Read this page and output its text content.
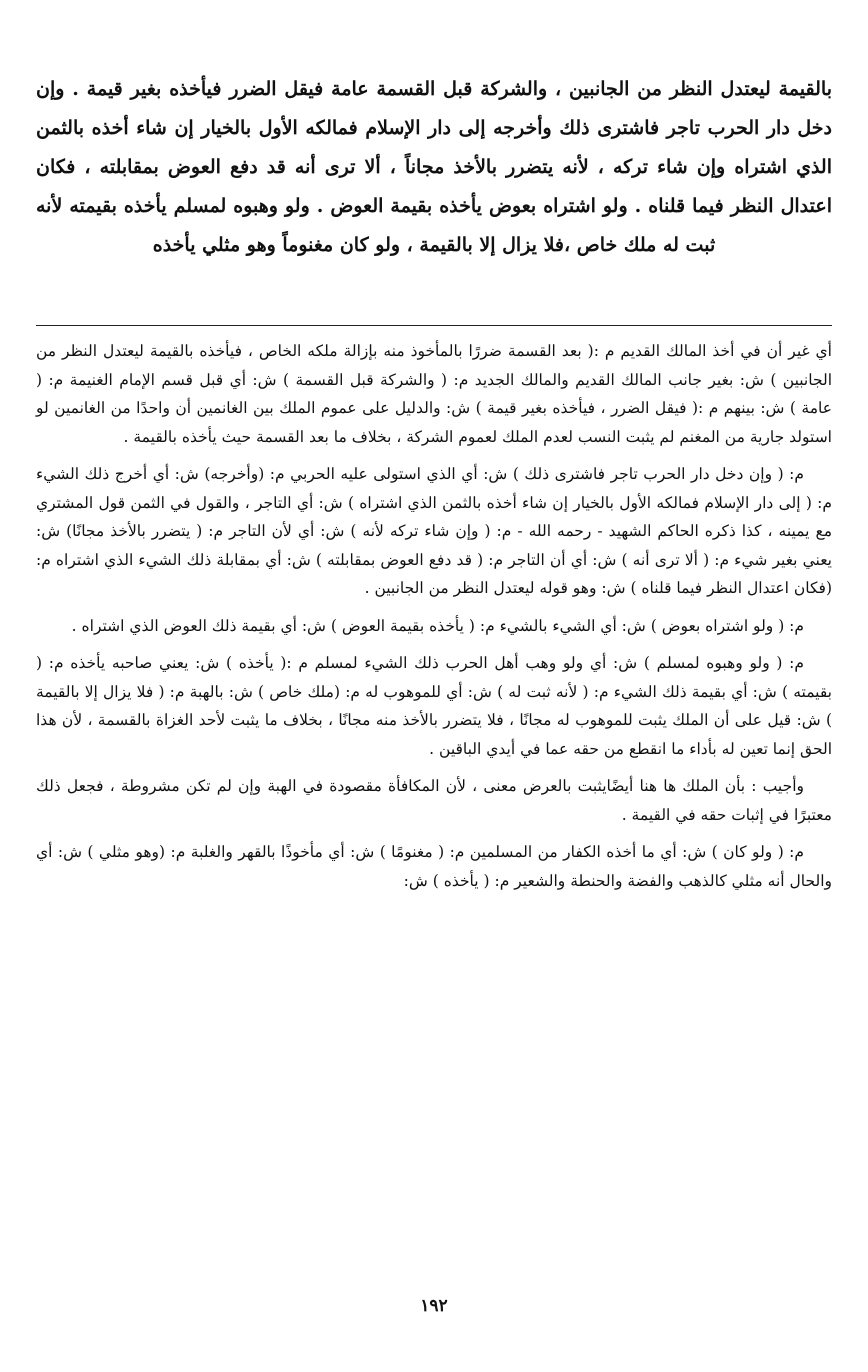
بالقيمة ليعتدل النظر من الجانبين ، والشركة قبل القسمة عامة فيقل الضرر فيأخذه بغير قيمة . وإن دخل دار الحرب تاجر فاشترى ذلك وأخرجه إلى دار الإسلام فمالكه الأول بالخيار إن شاء أخذه بالثمن الذي اشتراه وإن شاء تركه ، لأنه يتضرر بالأخذ مجاناً ، ألا ترى أنه قد دفع العوض بمقابلته ، فكان اعتدال النظر فيما قلناه . ولو اشتراه بعوض يأخذه بقيمة العوض . ولو وهبوه لمسلم يأخذه بقيمته لأنه ثبت له ملك خاص ،فلا يزال إلا بالقيمة ، ولو كان مغنوماً وهو مثلي يأخذه

أي غير أن في أخذ المالك القديم م :( بعد القسمة ضررًا بالمأخوذ منه بإزالة ملكه الخاص ، فيأخذه بالقيمة ليعتدل النظر من الجانبين ) ش: بغير جانب المالك القديم والمالك الجديد م: ( والشركة قبل القسمة ) ش: أي قبل قسم الإمام الغنيمة م: ( عامة ) ش: بينهم م :( فيقل الضرر ، فيأخذه بغير قيمة ) ش: والدليل على عموم الملك بين الغانمين أن واحدًا من الغانمين لو استولد جارية من المغنم لم يثبت النسب لعدم الملك لعموم الشركة ، بخلاف ما بعد القسمة حيث يأخذه بالقيمة .

م: ( وإن دخل دار الحرب تاجر فاشترى ذلك ) ش: أي الذي استولى عليه الحربي م: (وأخرجه) ش: أي أخرج ذلك الشيء م: ( إلى دار الإسلام فمالكه الأول بالخيار إن شاء أخذه بالثمن الذي اشتراه ) ش: أي التاجر ، والقول في الثمن قول المشتري مع يمينه ، كذا ذكره الحاكم الشهيد - رحمه الله - م: ( وإن شاء تركه لأنه ) ش: أي لأن التاجر م: ( يتضرر بالأخذ مجانًا) ش: يعني بغير شيء م: ( ألا ترى أنه ) ش: أي أن التاجر م: ( قد دفع العوض بمقابلته ) ش: أي بمقابلة ذلك الشيء الذي اشتراه م: (فكان اعتدال النظر فيما قلناه ) ش: وهو قوله ليعتدل النظر من الجانبين .

م: ( ولو اشتراه بعوض ) ش: أي الشيء بالشيء م: ( يأخذه بقيمة العوض ) ش: أي بقيمة ذلك العوض الذي اشتراه .

م: ( ولو وهبوه لمسلم ) ش: أي ولو وهب أهل الحرب ذلك الشيء لمسلم م :( يأخذه ) ش: يعني صاحبه يأخذه م: ( بقيمته ) ش: أي بقيمة ذلك الشيء م: ( لأنه ثبت له ) ش: أي للموهوب له م: (ملك خاص ) ش: بالهبة م: ( فلا يزال إلا بالقيمة ) ش: قيل على أن الملك يثبت للموهوب له مجانًا ، فلا يتضرر بالأخذ منه مجانًا ، بخلاف ما يثبت لأحد الغزاة بالقسمة ، لأن هذا الحق إنما تعين له بأداء ما انقطع من حقه عما في أيدي الباقين .

وأجيب : بأن الملك ها هنا أيضًايثبت بالعرض معنى ، لأن المكافأة مقصودة في الهبة وإن لم تكن مشروطة ، فجعل ذلك معتبرًا في إثبات حقه في القيمة .

م: ( ولو كان ) ش: أي ما أخذه الكفار من المسلمين م: ( مغنومًا ) ش: أي مأخوذًا بالقهر والغلبة م: (وهو مثلي ) ش: أي والحال أنه مثلي كالذهب والفضة والحنطة والشعير م: ( يأخذه ) ش:

١٩٢
